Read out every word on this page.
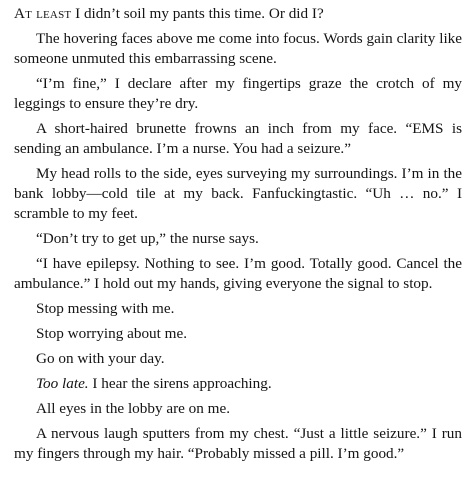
At least I didn’t soil my pants this time. Or did I?

The hovering faces above me come into focus. Words gain clarity like someone unmuted this embarrassing scene.

“I’m fine,” I declare after my fingertips graze the crotch of my leggings to ensure they’re dry.

A short-haired brunette frowns an inch from my face. “EMS is sending an ambulance. I’m a nurse. You had a seizure.”

My head rolls to the side, eyes surveying my surroundings. I’m in the bank lobby—cold tile at my back. Fanfuckingtastic. “Uh … no.” I scramble to my feet.

“Don’t try to get up,” the nurse says.

“I have epilepsy. Nothing to see. I’m good. Totally good. Cancel the ambulance.” I hold out my hands, giving everyone the signal to stop.

Stop messing with me.

Stop worrying about me.

Go on with your day.

Too late. I hear the sirens approaching.

All eyes in the lobby are on me.

A nervous laugh sputters from my chest. “Just a little seizure.” I run my fingers through my hair. “Probably missed a pill. I’m good.”
